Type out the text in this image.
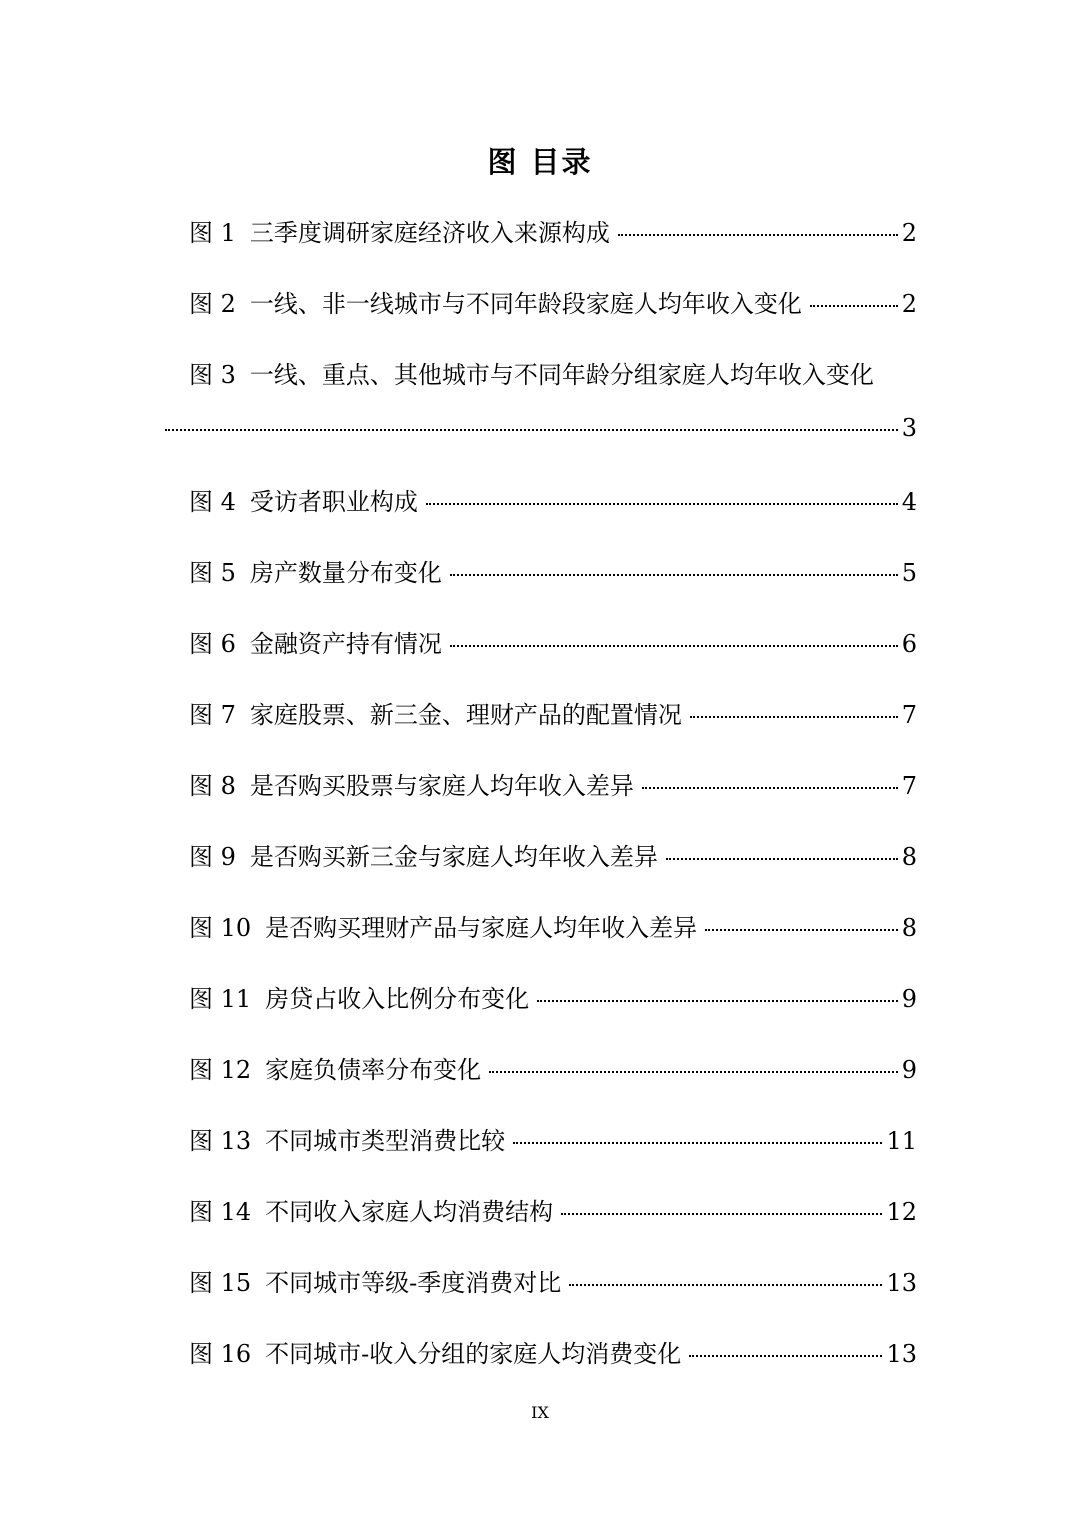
图 目录
图 1 三季度调研家庭经济收入来源构成	2
图 2 一线、非一线城市与不同年龄段家庭人均年收入变化	2
图 3 一线、重点、其他城市与不同年龄分组家庭人均年收入变化
3
图 4 受访者职业构成	4
图 5 房产数量分布变化	5
图 6 金融资产持有情况	6
图 7 家庭股票、新三金、理财产品的配置情况	7
图 8 是否购买股票与家庭人均年收入差异	7
图 9 是否购买新三金与家庭人均年收入差异	8
图 10 是否购买理财产品与家庭人均年收入差异	8
图 11 房贷占收入比例分布变化	9
图 12 家庭负债率分布变化	9
图 13 不同城市类型消费比较	11
图 14 不同收入家庭人均消费结构	12
图 15 不同城市等级-季度消费对比	13
图 16 不同城市-收入分组的家庭人均消费变化	13
IX
